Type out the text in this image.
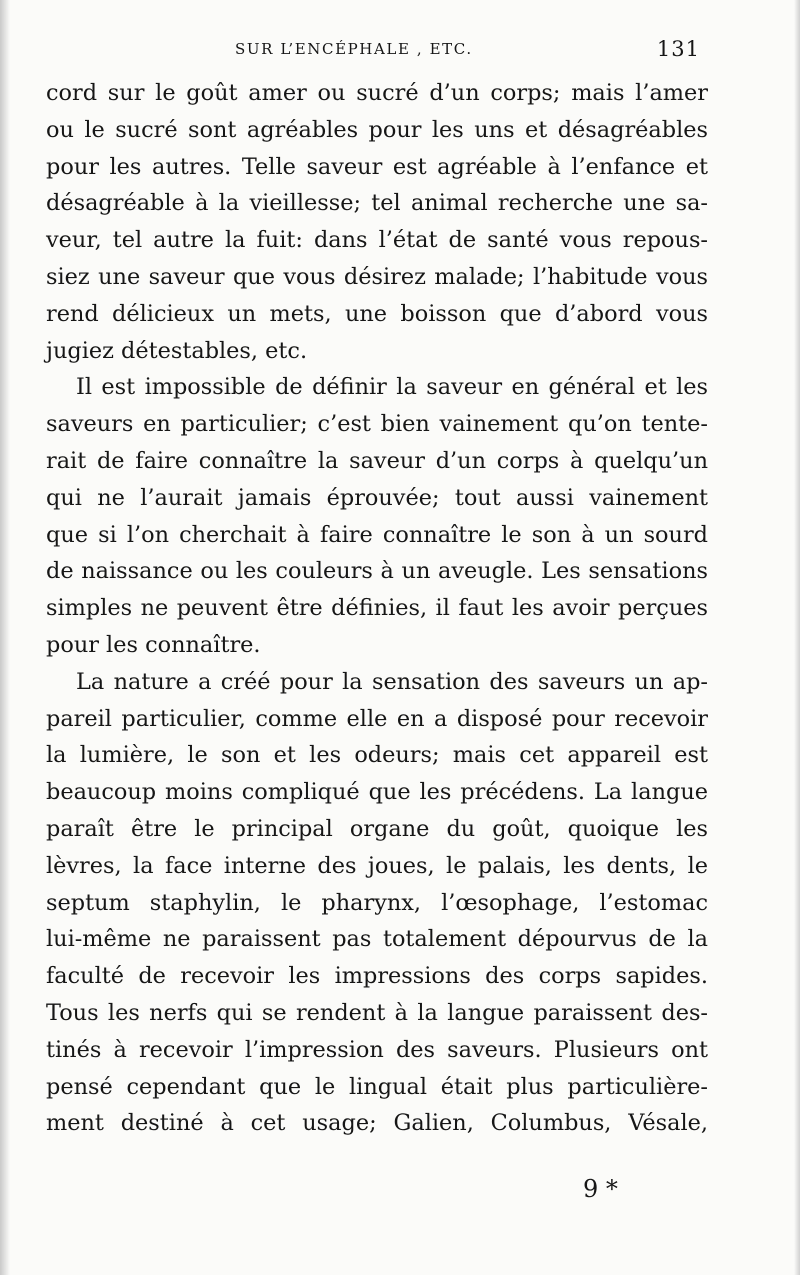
SUR L’ENCÉPHALE , ETC.	131
cord sur le goût amer ou sucré d’un corps; mais l’amer
ou le sucré sont agréables pour les uns et désagréables
pour les autres. Telle saveur est agréable à l’enfance et
désagréable à la vieillesse; tel animal recherche une sa-
veur, tel autre la fuit: dans l’état de santé vous repous-
siez une saveur que vous désirez malade; l’habitude vous
rend délicieux un mets, une boisson que d’abord vous
jugiez détestables, etc.
Il est impossible de définir la saveur en général et les
saveurs en particulier; c’est bien vainement qu’on tente-
rait de faire connaître la saveur d’un corps à quelqu’un
qui ne l’aurait jamais éprouvée; tout aussi vainement
que si l’on cherchait à faire connaître le son à un sourd
de naissance ou les couleurs à un aveugle. Les sensations
simples ne peuvent être définies, il faut les avoir perçues
pour les connaître.
La nature a créé pour la sensation des saveurs un ap-
pareil particulier, comme elle en a disposé pour recevoir
la lumière, le son et les odeurs; mais cet appareil est
beaucoup moins compliqué que les précédens. La langue
paraît être le principal organe du goût, quoique les
lèvres, la face interne des joues, le palais, les dents, le
septum staphylin, le pharynx, l’œsophage, l’estomac
lui-même ne paraissent pas totalement dépourvus de la
faculté de recevoir les impressions des corps sapides.
Tous les nerfs qui se rendent à la langue paraissent des-
tinés à recevoir l’impression des saveurs. Plusieurs ont
pensé cependant que le lingual était plus particulière-
ment destiné à cet usage; Galien, Columbus, Vésale,
9 *
